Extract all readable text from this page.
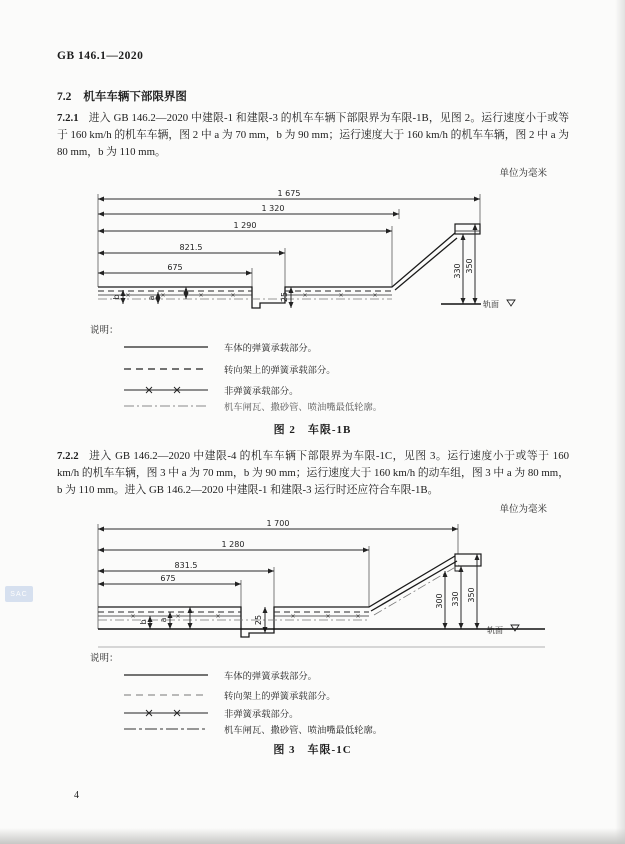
GB 146.1—2020
7.2 机车车辆下部限界图
7.2.1 进入 GB 146.2—2020 中建限-1 和建限-3 的机车车辆下部限界为车限-1B，见图 2。运行速度小于或等于 160 km/h 的机车车辆，图 2 中 a 为 70 mm，b 为 90 mm；运行速度大于 160 km/h 的机车车辆，图 2 中 a 为 80 mm，b 为 110 mm。
单位为毫米
1 675
1 320
1 290
821.5
675
×	×	×	×	×	×	×
25
b	a
330 350
轨面
说明：
车体的弹簧承载部分。
转向架上的弹簧承载部分。
非弹簧承载部分。
机车闸瓦、撒砂管、喷油嘴最低轮廓。
图 2　车限-1B
7.2.2 进入 GB 146.2—2020 中建限-4 的机车车辆下部限界为车限-1C，见图 3。运行速度小于或等于 160 km/h 的机车车辆，图 3 中 a 为 70 mm，b 为 90 mm；运行速度大于 160 km/h 的动车组，图 3 中 a 为 80 mm，b 为 110 mm。进入 GB 146.2—2020 中建限-1 和建限-3 运行时还应符合车限-1B。
单位为毫米
1 700
1 280
831.5
675
×	×	×	×	×	×
25
b a
300 330 350
轨面
说明：
车体的弹簧承载部分。
转向架上的弹簧承载部分。
非弹簧承载部分。
机车闸瓦、撒砂管、喷油嘴最低轮廓。
图 3　车限-1C
4
SAC
